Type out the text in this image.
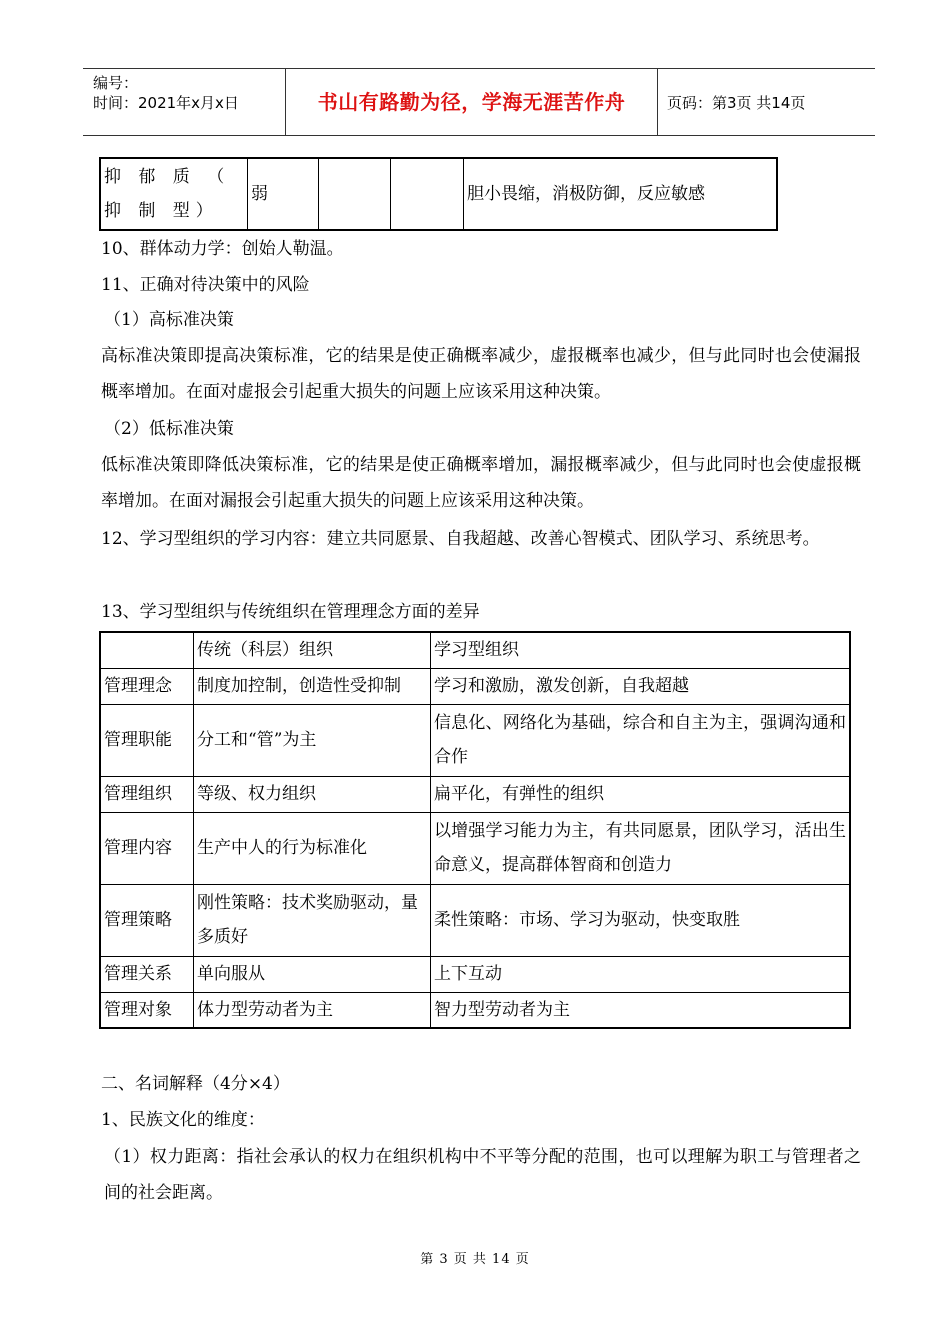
编号：
时间：2021年x月x日	书山有路勤为径，学海无涯苦作舟	页码：第3页 共14页
抑 郁 质 （ 抑 制 型）	弱			胆小畏缩，消极防御，反应敏感

10、群体动力学：创始人勒温。

11、正确对待决策中的风险

（1）高标准决策

高标准决策即提高决策标准，它的结果是使正确概率减少，虚报概率也减少，但与此同时也会使漏报概率增加。在面对虚报会引起重大损失的问题上应该采用这种决策。

（2）低标准决策

低标准决策即降低决策标准，它的结果是使正确概率增加，漏报概率减少，但与此同时也会使虚报概率增加。在面对漏报会引起重大损失的问题上应该采用这种决策。

12、学习型组织的学习内容：建立共同愿景、自我超越、改善心智模式、团队学习、系统思考。

13、学习型组织与传统组织在管理理念方面的差异

	传统（科层）组织	学习型组织
管理理念	制度加控制，创造性受抑制	学习和激励，激发创新，自我超越
管理职能	分工和“管”为主	信息化、网络化为基础，综合和自主为主，强调沟通和合作
管理组织	等级、权力组织	扁平化，有弹性的组织
管理内容	生产中人的行为标准化	以增强学习能力为主，有共同愿景，团队学习，活出生命意义，提高群体智商和创造力
管理策略	刚性策略：技术奖励驱动，量多质好	柔性策略：市场、学习为驱动，快变取胜
管理关系	单向服从	上下互动
管理对象	体力型劳动者为主	智力型劳动者为主

二、名词解释（4分×4）

1、民族文化的维度：

（1）权力距离：指社会承认的权力在组织机构中不平等分配的范围，也可以理解为职工与管理者之间的社会距离。

第 3 页 共 14 页
